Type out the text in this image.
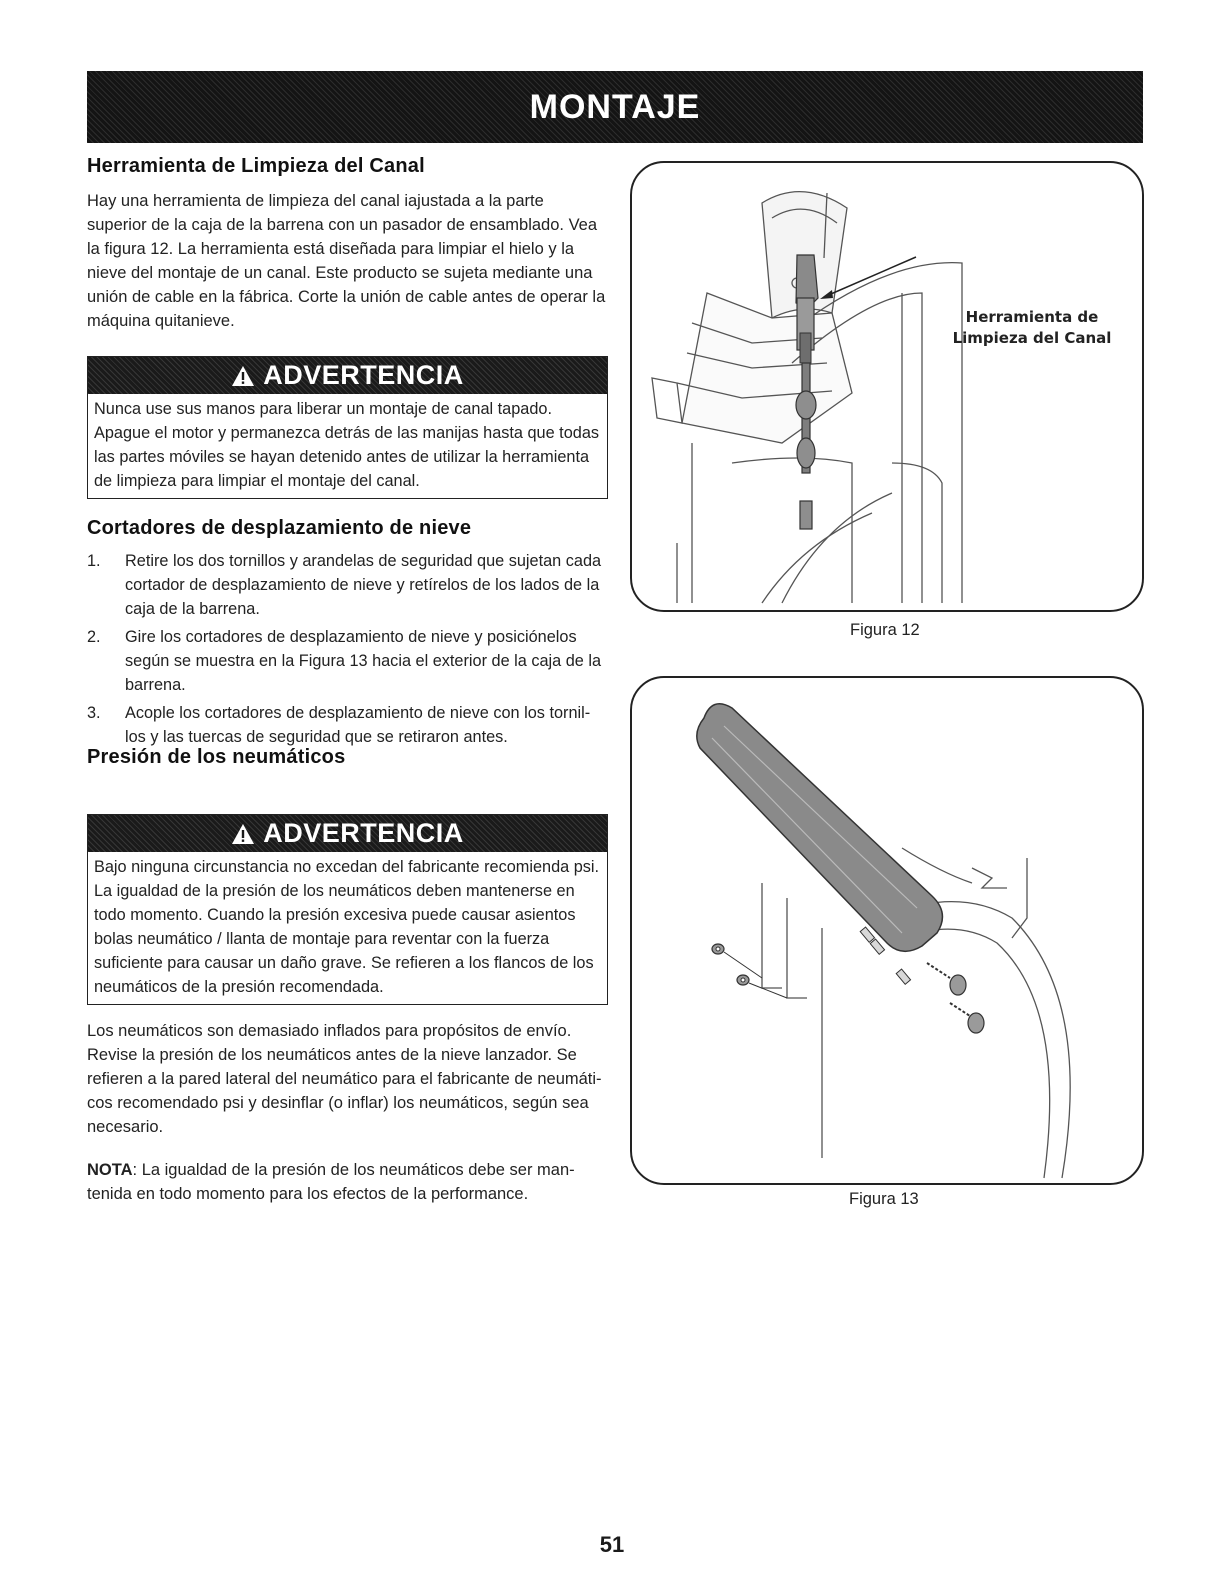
MONTAJE
Herramienta de Limpieza del Canal

Hay una herramienta de limpieza del canal iajustada a la parte superior de la caja de la barrena con un pasador de ensamblado. Vea la figura 12. La herramienta está diseñada para limpiar el hielo y la nieve del montaje de un canal. Este producto se sujeta mediante una unión de cable en la fábrica. Corte la unión de cable antes de operar la máquina quitanieve.

ADVERTENCIA
Nunca use sus manos para liberar un montaje de canal tapado. Apague el motor y permanezca detrás de las manijas hasta que todas las partes móviles se hayan detenido antes de utilizar la herramienta de limpieza para limpiar el montaje del canal.
Cortadores de desplazamiento de nieve
1. Retire los dos tornillos y arandelas de seguridad que sujetan cada cortador de desplazamiento de nieve y retírelos de los lados de la caja de la barrena.
2. Gire los cortadores de desplazamiento de nieve y posiciónelos según se muestra en la Figura 13 hacia el exterior de la caja de la barrena.
3. Acople los cortadores de desplazamiento de nieve con los tornil- los y las tuercas de seguridad que se retiraron antes.
Presión de los neumáticos
ADVERTENCIA
Bajo ninguna circunstancia no excedan del fabricante recomienda psi. La igualdad de la presión de los neumáticos deben mantenerse en todo momento. Cuando la presión excesiva puede causar asientos bolas neumático / llanta de montaje para reventar con la fuerza suficiente para causar un daño grave. Se refieren a los flancos de los neumáticos de la presión recomendada.

Los neumáticos son demasiado inflados para propósitos de envío. Revise la presión de los neumáticos antes de la nieve lanzador. Se refieren a la pared lateral del neumático para el fabricante de neumáti- cos recomendado psi y desinflar (o inflar) los neumáticos, según sea necesario.

NOTA: La igualdad de la presión de los neumáticos debe ser man- tenida en todo momento para los efectos de la performance.

Herramienta de
Limpieza del Canal
Figura 12
Figura 13
51
